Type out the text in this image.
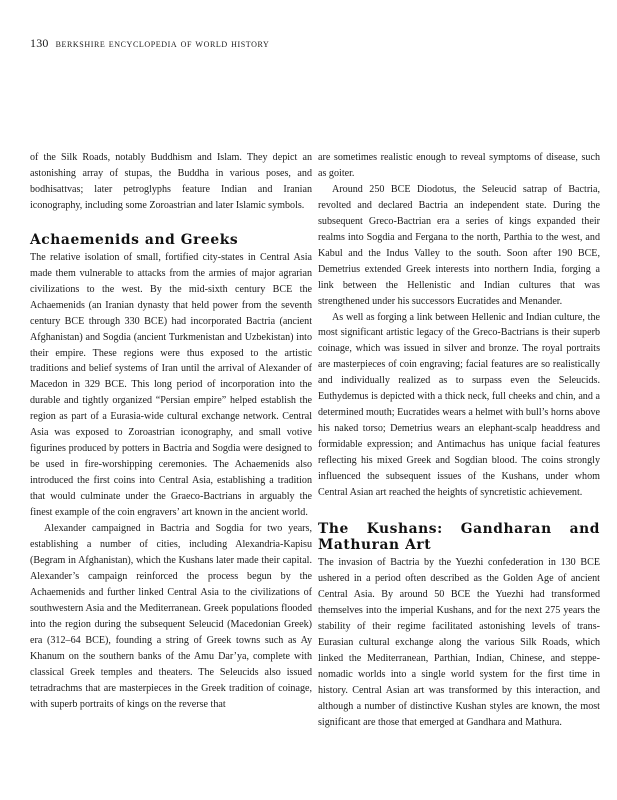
130 berkshire encyclopedia of world history

of the Silk Roads, notably Buddhism and Islam. They depict an astonishing array of stupas, the Buddha in various poses, and bodhisattvas; later petroglyphs feature Indian and Iranian iconography, including some Zoroastrian and later Islamic symbols.

Achaemenids and Greeks

The relative isolation of small, fortified city-states in Central Asia made them vulnerable to attacks from the armies of major agrarian civilizations to the west. By the mid-sixth century BCE the Achaemenids (an Iranian dynasty that held power from the seventh century BCE through 330 BCE) had incorporated Bactria (ancient Afghanistan) and Sogdia (ancient Turkmenistan and Uzbekistan) into their empire. These regions were thus exposed to the artistic traditions and belief systems of Iran until the arrival of Alexander of Macedon in 329 BCE. This long period of incorporation into the durable and tightly organized “Persian empire” helped establish the region as part of a Eurasia-wide cultural exchange network. Central Asia was exposed to Zoroastrian iconography, and small votive figurines produced by potters in Bactria and Sogdia were designed to be used in fire-worshipping ceremonies. The Achaemenids also introduced the first coins into Central Asia, establishing a tradition that would culminate under the Graeco-Bactrians in arguably the finest example of the coin engravers’ art known in the ancient world.

Alexander campaigned in Bactria and Sogdia for two years, establishing a number of cities, including Alexandria-Kapisu (Begram in Afghanistan), which the Kushans later made their capital. Alexander’s campaign reinforced the process begun by the Achaemenids and further linked Central Asia to the civilizations of southwestern Asia and the Mediterranean. Greek populations flooded into the region during the subsequent Seleucid (Macedonian Greek) era (312–64 BCE), founding a string of Greek towns such as Ay Khanum on the southern banks of the Amu Dar’ya, complete with classical Greek temples and theaters. The Seleucids also issued tetradrachms that are masterpieces in the Greek tradition of coinage, with superb portraits of kings on the reverse that

are sometimes realistic enough to reveal symptoms of disease, such as goiter.

Around 250 BCE Diodotus, the Seleucid satrap of Bactria, revolted and declared Bactria an independent state. During the subsequent Greco-Bactrian era a series of kings expanded their realms into Sogdia and Fergana to the north, Parthia to the west, and Kabul and the Indus Valley to the south. Soon after 190 BCE, Demetrius extended Greek interests into northern India, forging a link between the Hellenistic and Indian cultures that was strengthened under his successors Eucratides and Menander.

As well as forging a link between Hellenic and Indian culture, the most significant artistic legacy of the Greco-Bactrians is their superb coinage, which was issued in silver and bronze. The royal portraits are masterpieces of coin engraving; facial features are so realistically and individually realized as to surpass even the Seleucids. Euthydemus is depicted with a thick neck, full cheeks and chin, and a determined mouth; Eucratides wears a helmet with bull’s horns above his naked torso; Demetrius wears an elephant-scalp headdress and formidable expression; and Antimachus has unique facial features reflecting his mixed Greek and Sogdian blood. The coins strongly influenced the subsequent issues of the Kushans, under whom Central Asian art reached the heights of syncretistic achievement.

The Kushans: Gandharan and Mathuran Art

The invasion of Bactria by the Yuezhi confederation in 130 BCE ushered in a period often described as the Golden Age of ancient Central Asia. By around 50 BCE the Yuezhi had transformed themselves into the imperial Kushans, and for the next 275 years the stability of their regime facilitated astonishing levels of trans-Eurasian cultural exchange along the various Silk Roads, which linked the Mediterranean, Parthian, Indian, Chinese, and steppe-nomadic worlds into a single world system for the first time in history. Central Asian art was transformed by this interaction, and although a number of distinctive Kushan styles are known, the most significant are those that emerged at Gandhara and Mathura.
